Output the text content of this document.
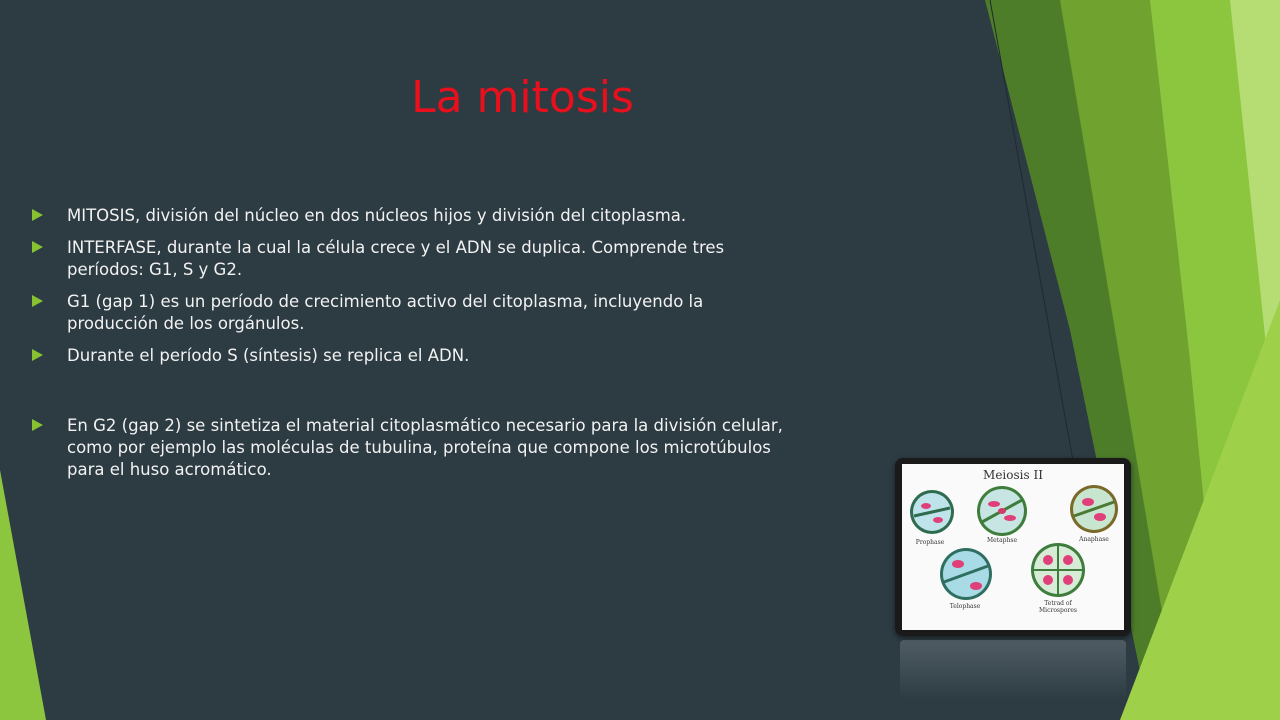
La mitosis
MITOSIS, división del núcleo en dos núcleos hijos y división del citoplasma.
INTERFASE, durante la cual la célula crece y el ADN se duplica. Comprende tres períodos: G1, S y G2.
G1 (gap 1) es un período de crecimiento activo del citoplasma, incluyendo la producción de los orgánulos.
Durante el período S (síntesis) se replica el ADN.
En G2 (gap 2) se sintetiza el material citoplasmático necesario para la división celular, como por ejemplo las moléculas de tubulina, proteína que compone los microtúbulos para el huso acromático.	Meiosis II
Prophase	Metaphse	Anaphase
Telophase	Tetrad of Microspores
